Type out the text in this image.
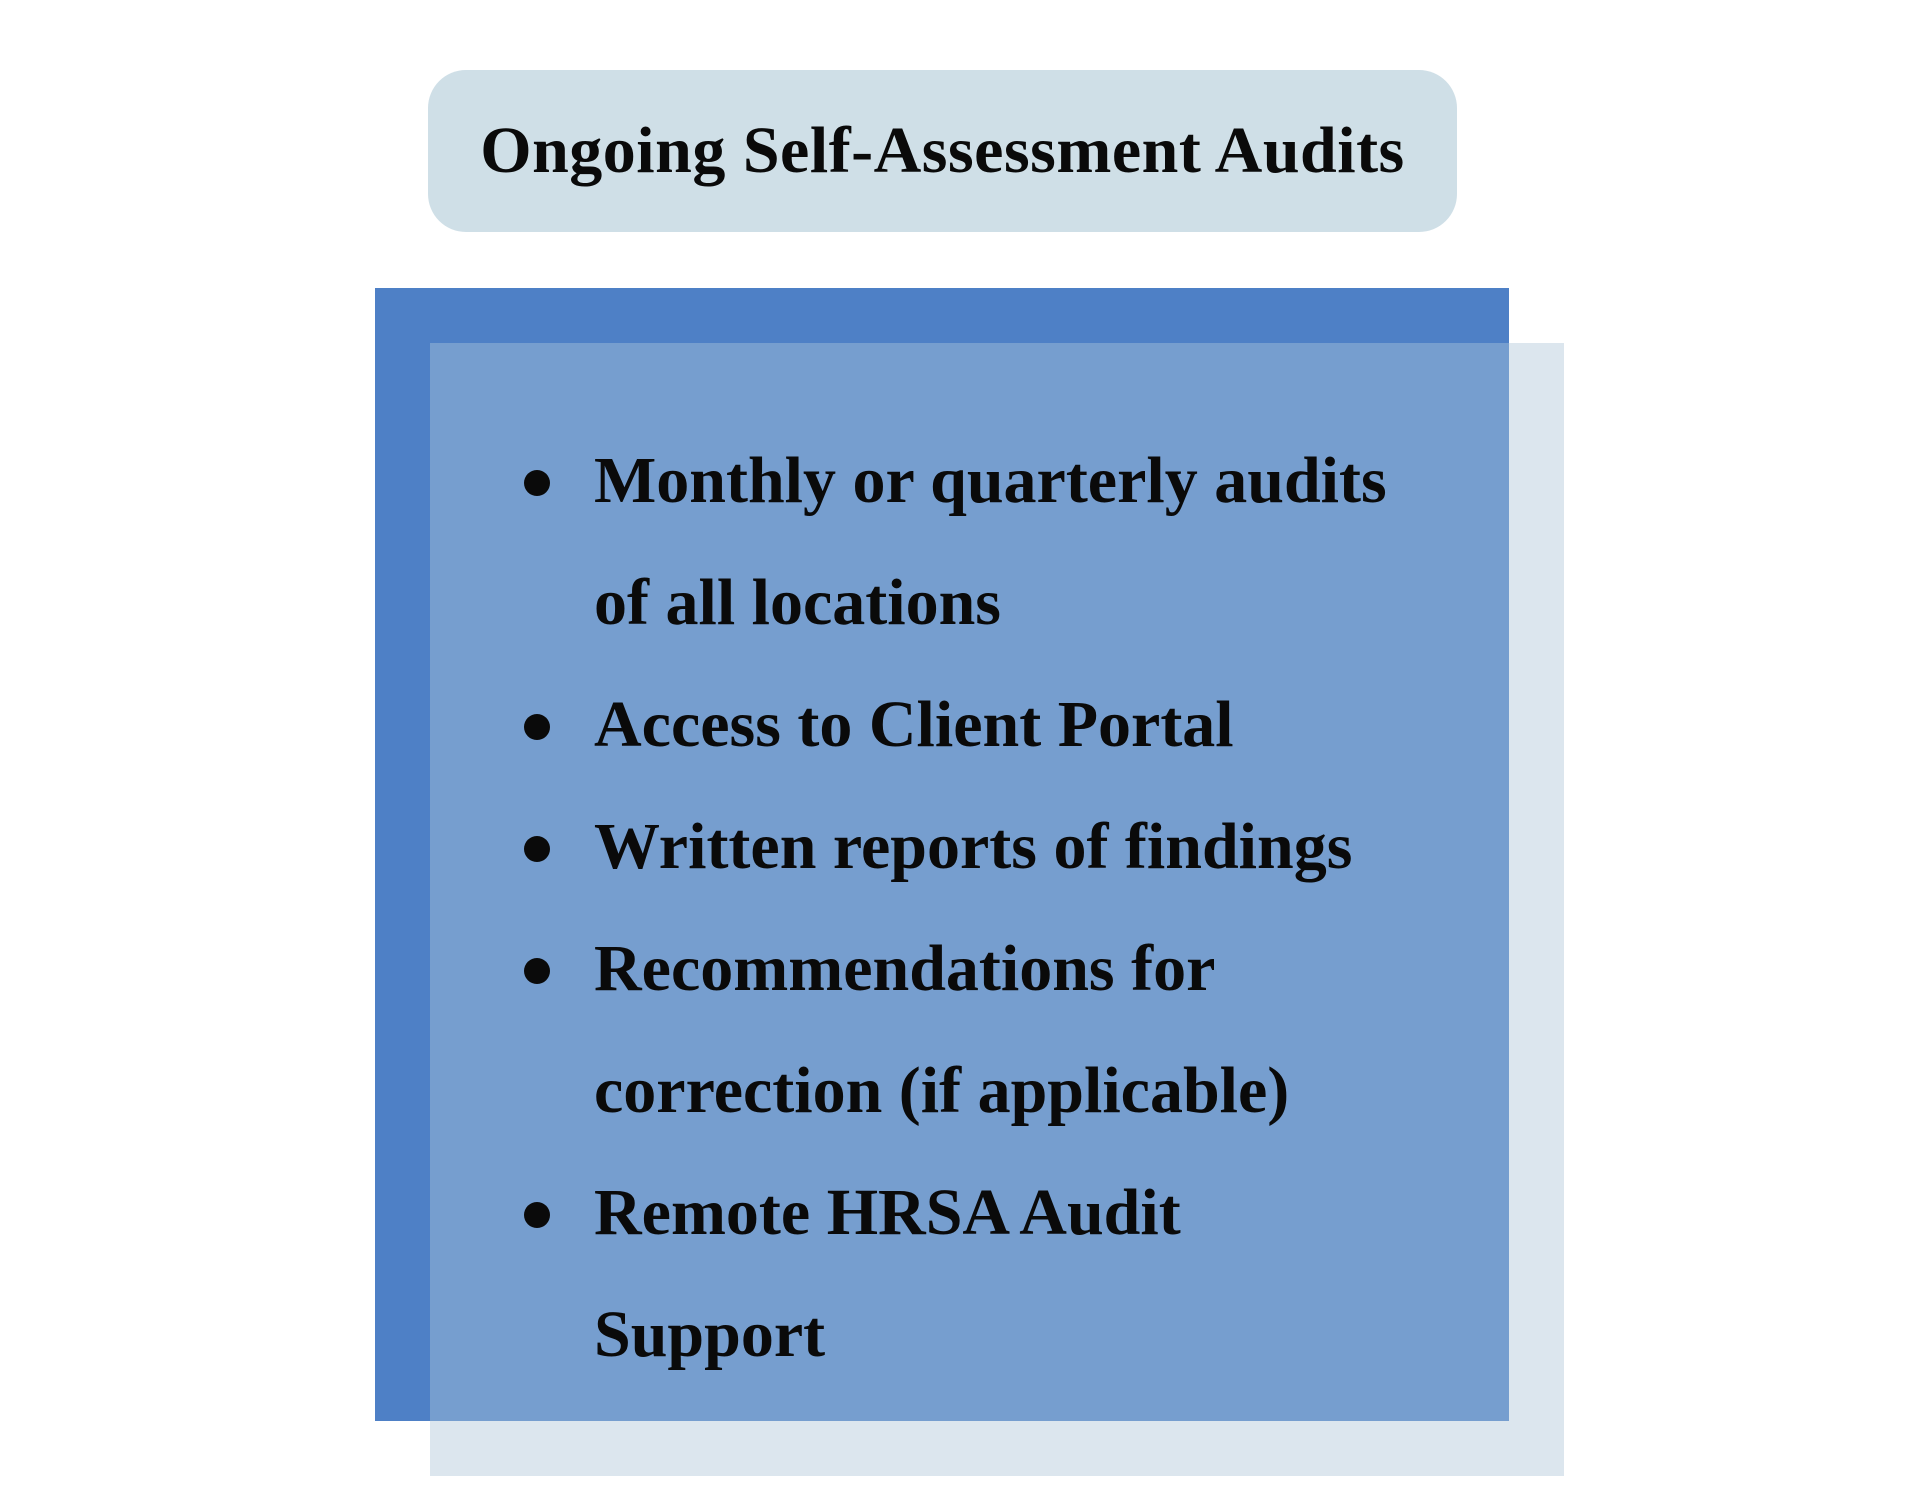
Ongoing Self-Assessment Audits
Monthly or quarterly audits of all locations
Access to Client Portal
Written reports of findings
Recommendations for correction (if applicable)
Remote HRSA Audit Support
